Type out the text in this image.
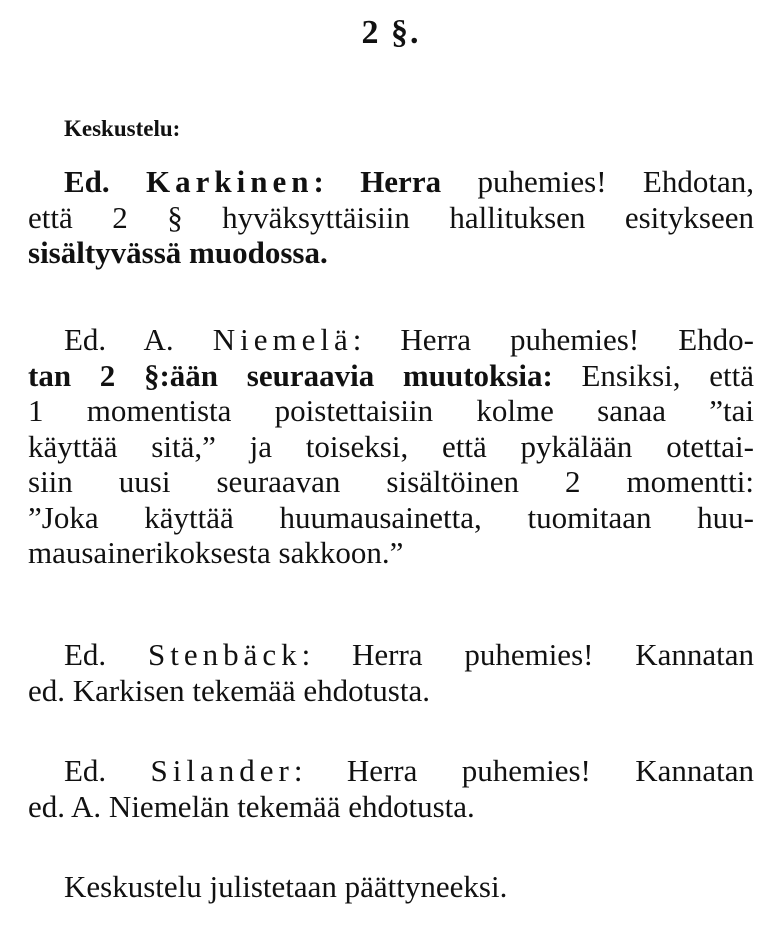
2 §.
Keskustelu:
Ed. Karkinen: Herra puhemies! Ehdotan,
että 2 § hyväksyttäisiin hallituksen esitykseen
sisältyvässä muodossa.
Ed. A. Niemelä: Herra puhemies! Ehdo-
tan 2 §:ään seuraavia muutoksia: Ensiksi, että
1 momentista poistettaisiin kolme sanaa ”tai
käyttää sitä,” ja toiseksi, että pykälään otettai-
siin uusi seuraavan sisältöinen 2 momentti:
”Joka käyttää huumausainetta, tuomitaan huu-
mausainerikoksesta sakkoon.”
Ed. Stenbäck: Herra puhemies! Kannatan
ed. Karkisen tekemää ehdotusta.
Ed. Silander: Herra puhemies! Kannatan
ed. A. Niemelän tekemää ehdotusta.
Keskustelu julistetaan päättyneeksi.
